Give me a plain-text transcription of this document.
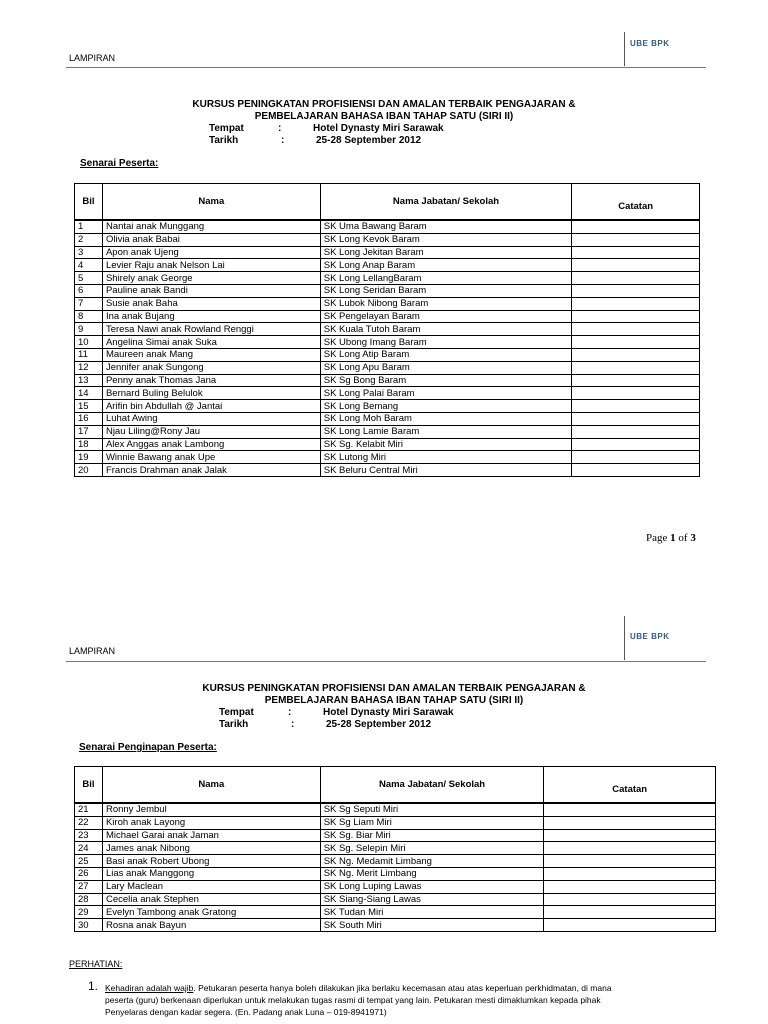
UBE BPK
LAMPIRAN
KURSUS PENINGKATAN PROFISIENSI DAN AMALAN TERBAIK PENGAJARAN &
PEMBELAJARAN BAHASA IBAN TAHAP SATU (SIRI II)
Tempat	:	Hotel Dynasty Miri Sarawak
Tarikh	:	25-28 September 2012
Senarai Peserta:
Bil	Nama	Nama Jabatan/ Sekolah	Catatan
1	Nantai anak Munggang	SK Uma Bawang Baram	
2	Olivia anak Babai	SK Long Kevok Baram	
3	Apon anak Ujeng	SK Long Jekitan Baram	
4	Levier Raju anak Nelson Lai	SK Long Anap Baram	
5	Shirely anak George	SK Long LellangBaram	
6	Pauline anak Bandi	SK Long Seridan Baram	
7	Susie anak Baha	SK Lubok Nibong Baram	
8	Ina anak Bujang	SK Pengelayan Baram	
9	Teresa Nawi anak Rowland Renggi	SK Kuala Tutoh Baram	
10	Angelina Simai anak Suka	SK Ubong Imang Baram	
11	Maureen anak Mang	SK Long Atip Baram	
12	Jennifer anak Sungong	SK Long Apu Baram	
13	Penny anak Thomas Jana	SK Sg Bong Baram	
14	Bernard Buling Belulok	SK Long Palai Baram	
15	Arifin bin Abdullah @ Jantai	SK Long Bemang	
16	Luhat Awing	SK Long Moh Baram	
17	Njau Liling@Rony Jau	SK Long Lamie Baram	
18	Alex Anggas anak Lambong	SK Sg. Kelabit Miri	
19	Winnie Bawang anak Upe	SK Lutong Miri	
20	Francis Drahman anak Jalak	SK Beluru Central Miri	
Page 1 of 3
UBE BPK
LAMPIRAN
KURSUS PENINGKATAN PROFISIENSI DAN AMALAN TERBAIK PENGAJARAN &
PEMBELAJARAN BAHASA IBAN TAHAP SATU (SIRI II)
Tempat	:	Hotel Dynasty Miri Sarawak
Tarikh	:	25-28 September 2012
Senarai Penginapan Peserta:
Bil	Nama	Nama Jabatan/ Sekolah	Catatan
21	Ronny Jembul	SK Sg Seputi Miri	
22	Kiroh anak Layong	SK Sg Liam Miri	
23	Michael Garai anak Jaman	SK Sg. Biar Miri	
24	James anak Nibong	SK Sg. Selepin Miri	
25	Basi anak Robert Ubong	SK Ng. Medamit Limbang	
26	Lias anak Manggong	SK Ng. Merit Limbang	
27	Lary Maclean	SK Long Luping Lawas	
28	Cecelia anak Stephen	SK Siang-Siang Lawas	
29	Evelyn Tambong anak Gratong	SK Tudan Miri	
30	Rosna anak Bayun	SK South Miri	
PERHATIAN:
1. Kehadiran adalah wajib. Petukaran peserta hanya boleh dilakukan jika berlaku kecemasan atau atas keperluan perkhidmatan, di mana
peserta (guru) berkenaan diperlukan untuk melakukan tugas rasmi di tempat yang lain. Petukaran mesti dimaklumkan kepada pihak
Penyelaras dengan kadar segera. (En. Padang anak Luna – 019-8941971)
